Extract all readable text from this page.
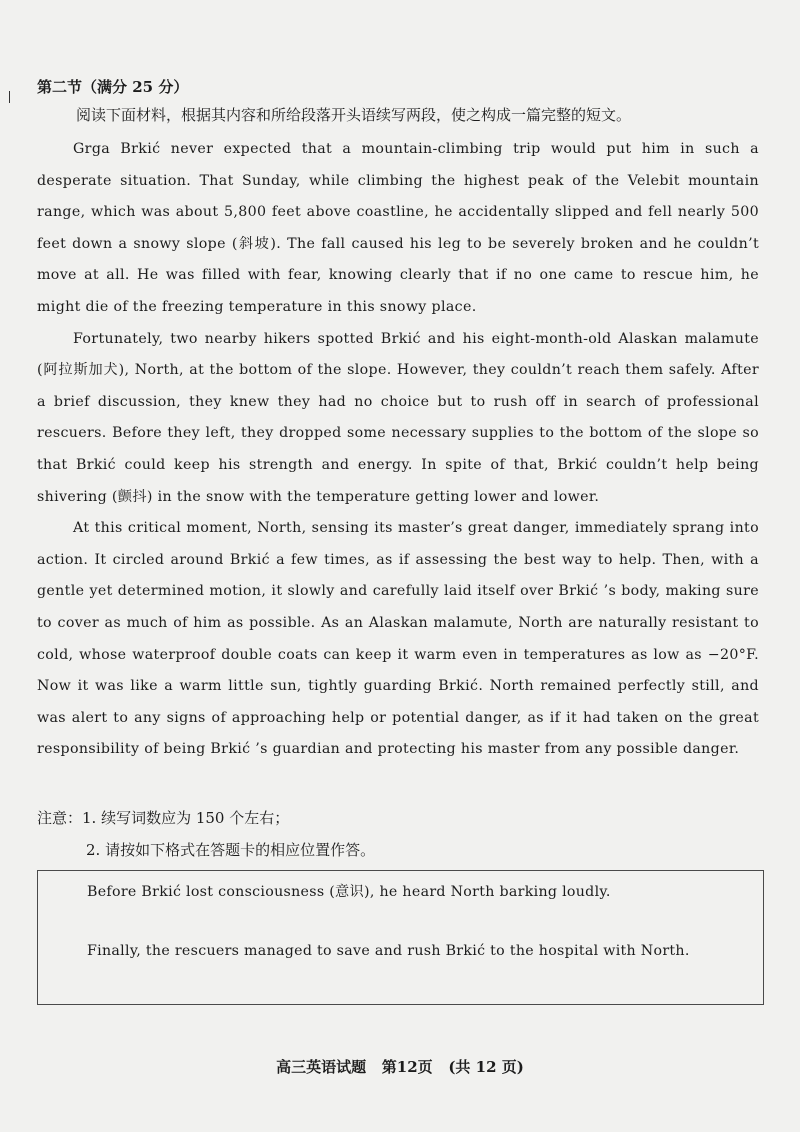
第二节（满分 25 分）
阅读下面材料，根据其内容和所给段落开头语续写两段，使之构成一篇完整的短文。

Grga Brkić never expected that a mountain-climbing trip would put him in such a desperate situation. That Sunday, while climbing the highest peak of the Velebit mountain range, which was about 5,800 feet above coastline, he accidentally slipped and fell nearly 500 feet down a snowy slope (斜坡). The fall caused his leg to be severely broken and he couldn’t move at all. He was filled with fear, knowing clearly that if no one came to rescue him, he might die of the freezing temperature in this snowy place.

Fortunately, two nearby hikers spotted Brkić and his eight-month-old Alaskan malamute (阿拉斯加犬), North, at the bottom of the slope. However, they couldn’t reach them safely. After a brief discussion, they knew they had no choice but to rush off in search of professional rescuers. Before they left, they dropped some necessary supplies to the bottom of the slope so that Brkić could keep his strength and energy. In spite of that, Brkić couldn’t help being shivering (颤抖) in the snow with the temperature getting lower and lower.

At this critical moment, North, sensing its master’s great danger, immediately sprang into action. It circled around Brkić a few times, as if assessing the best way to help. Then, with a gentle yet determined motion, it slowly and carefully laid itself over Brkić ’s body, making sure to cover as much of him as possible. As an Alaskan malamute, North are naturally resistant to cold, whose waterproof double coats can keep it warm even in temperatures as low as −20°F. Now it was like a warm little sun, tightly guarding Brkić. North remained perfectly still, and was alert to any signs of approaching help or potential danger, as if it had taken on the great responsibility of being Brkić ’s guardian and protecting his master from any possible danger.

注意：1. 续写词数应为 150 个左右；
2. 请按如下格式在答题卡的相应位置作答。
Before Brkić lost consciousness (意识), he heard North barking loudly.
Finally, the rescuers managed to save and rush Brkić to the hospital with North.
高三英语试题   第12页   (共 12 页)
